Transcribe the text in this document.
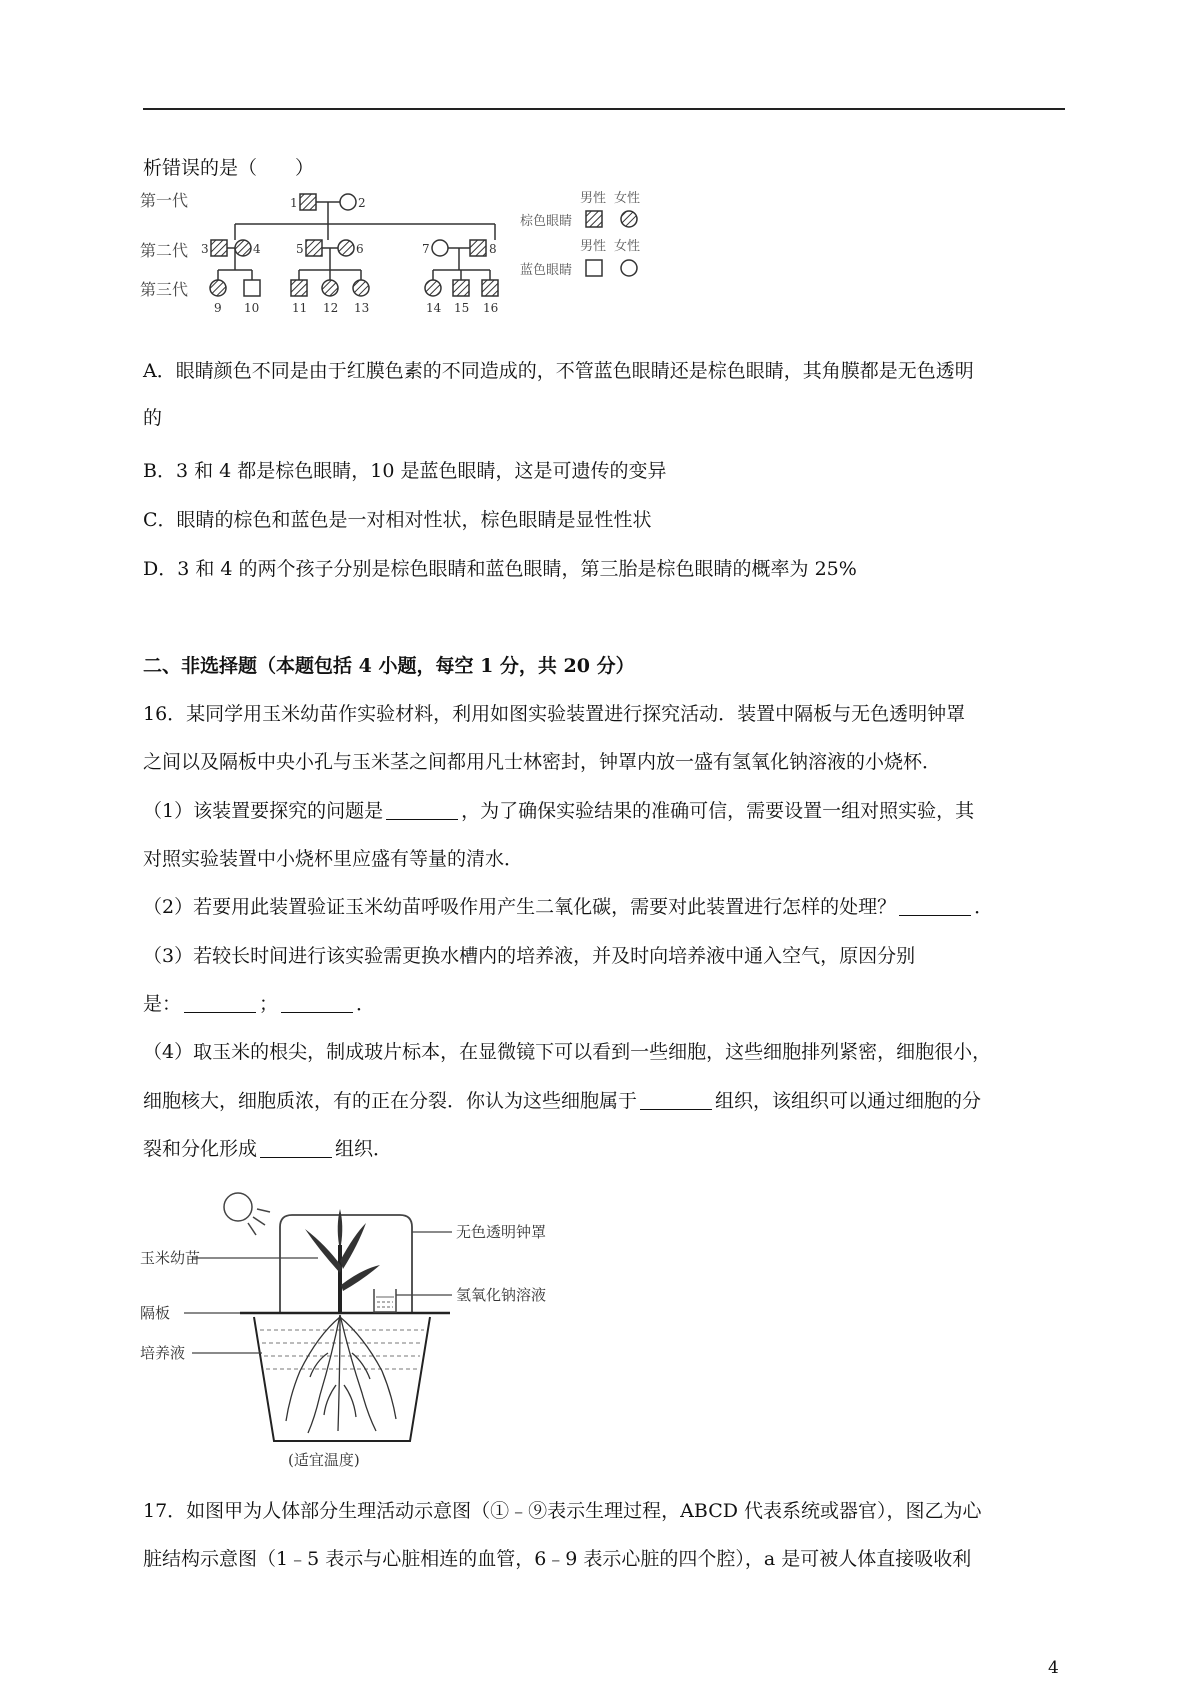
析错误的是（　　）
第一代
第二代
第三代
1	2
3	4	5	6	7	8
9 10	11 12 13	14 15 16
男性 女性
棕色眼睛
男性 女性
蓝色眼睛
A．眼睛颜色不同是由于红膜色素的不同造成的，不管蓝色眼睛还是棕色眼睛，其角膜都是无色透明
的
B．3 和 4 都是棕色眼睛，10 是蓝色眼睛，这是可遗传的变异
C．眼睛的棕色和蓝色是一对相对性状，棕色眼睛是显性性状
D．3 和 4 的两个孩子分别是棕色眼睛和蓝色眼睛，第三胎是棕色眼睛的概率为 25%
二、非选择题（本题包括 4 小题，每空 1 分，共 20 分）
16．某同学用玉米幼苗作实验材料，利用如图实验装置进行探究活动．装置中隔板与无色透明钟罩
之间以及隔板中央小孔与玉米茎之间都用凡士林密封，钟罩内放一盛有氢氧化钠溶液的小烧杯．
（1）该装置要探究的问题是	，为了确保实验结果的准确可信，需要设置一组对照实验，其
对照实验装置中小烧杯里应盛有等量的清水．
（2）若要用此装置验证玉米幼苗呼吸作用产生二氧化碳，需要对此装置进行怎样的处理？	．
（3）若较长时间进行该实验需更换水槽内的培养液，并及时向培养液中通入空气，原因分别
是：	；	．
（4）取玉米的根尖，制成玻片标本，在显微镜下可以看到一些细胞，这些细胞排列紧密，细胞很小，
细胞核大，细胞质浓，有的正在分裂．你认为这些细胞属于	组织，该组织可以通过细胞的分
裂和分化形成	组织．
无色透明钟罩
玉米幼苗
氢氧化钠溶液
隔板
培养液
(适宜温度)
17．如图甲为人体部分生理活动示意图（①﹣⑨表示生理过程，ABCD 代表系统或器官），图乙为心
脏结构示意图（1﹣5 表示与心脏相连的血管，6﹣9 表示心脏的四个腔），a 是可被人体直接吸收利
4
